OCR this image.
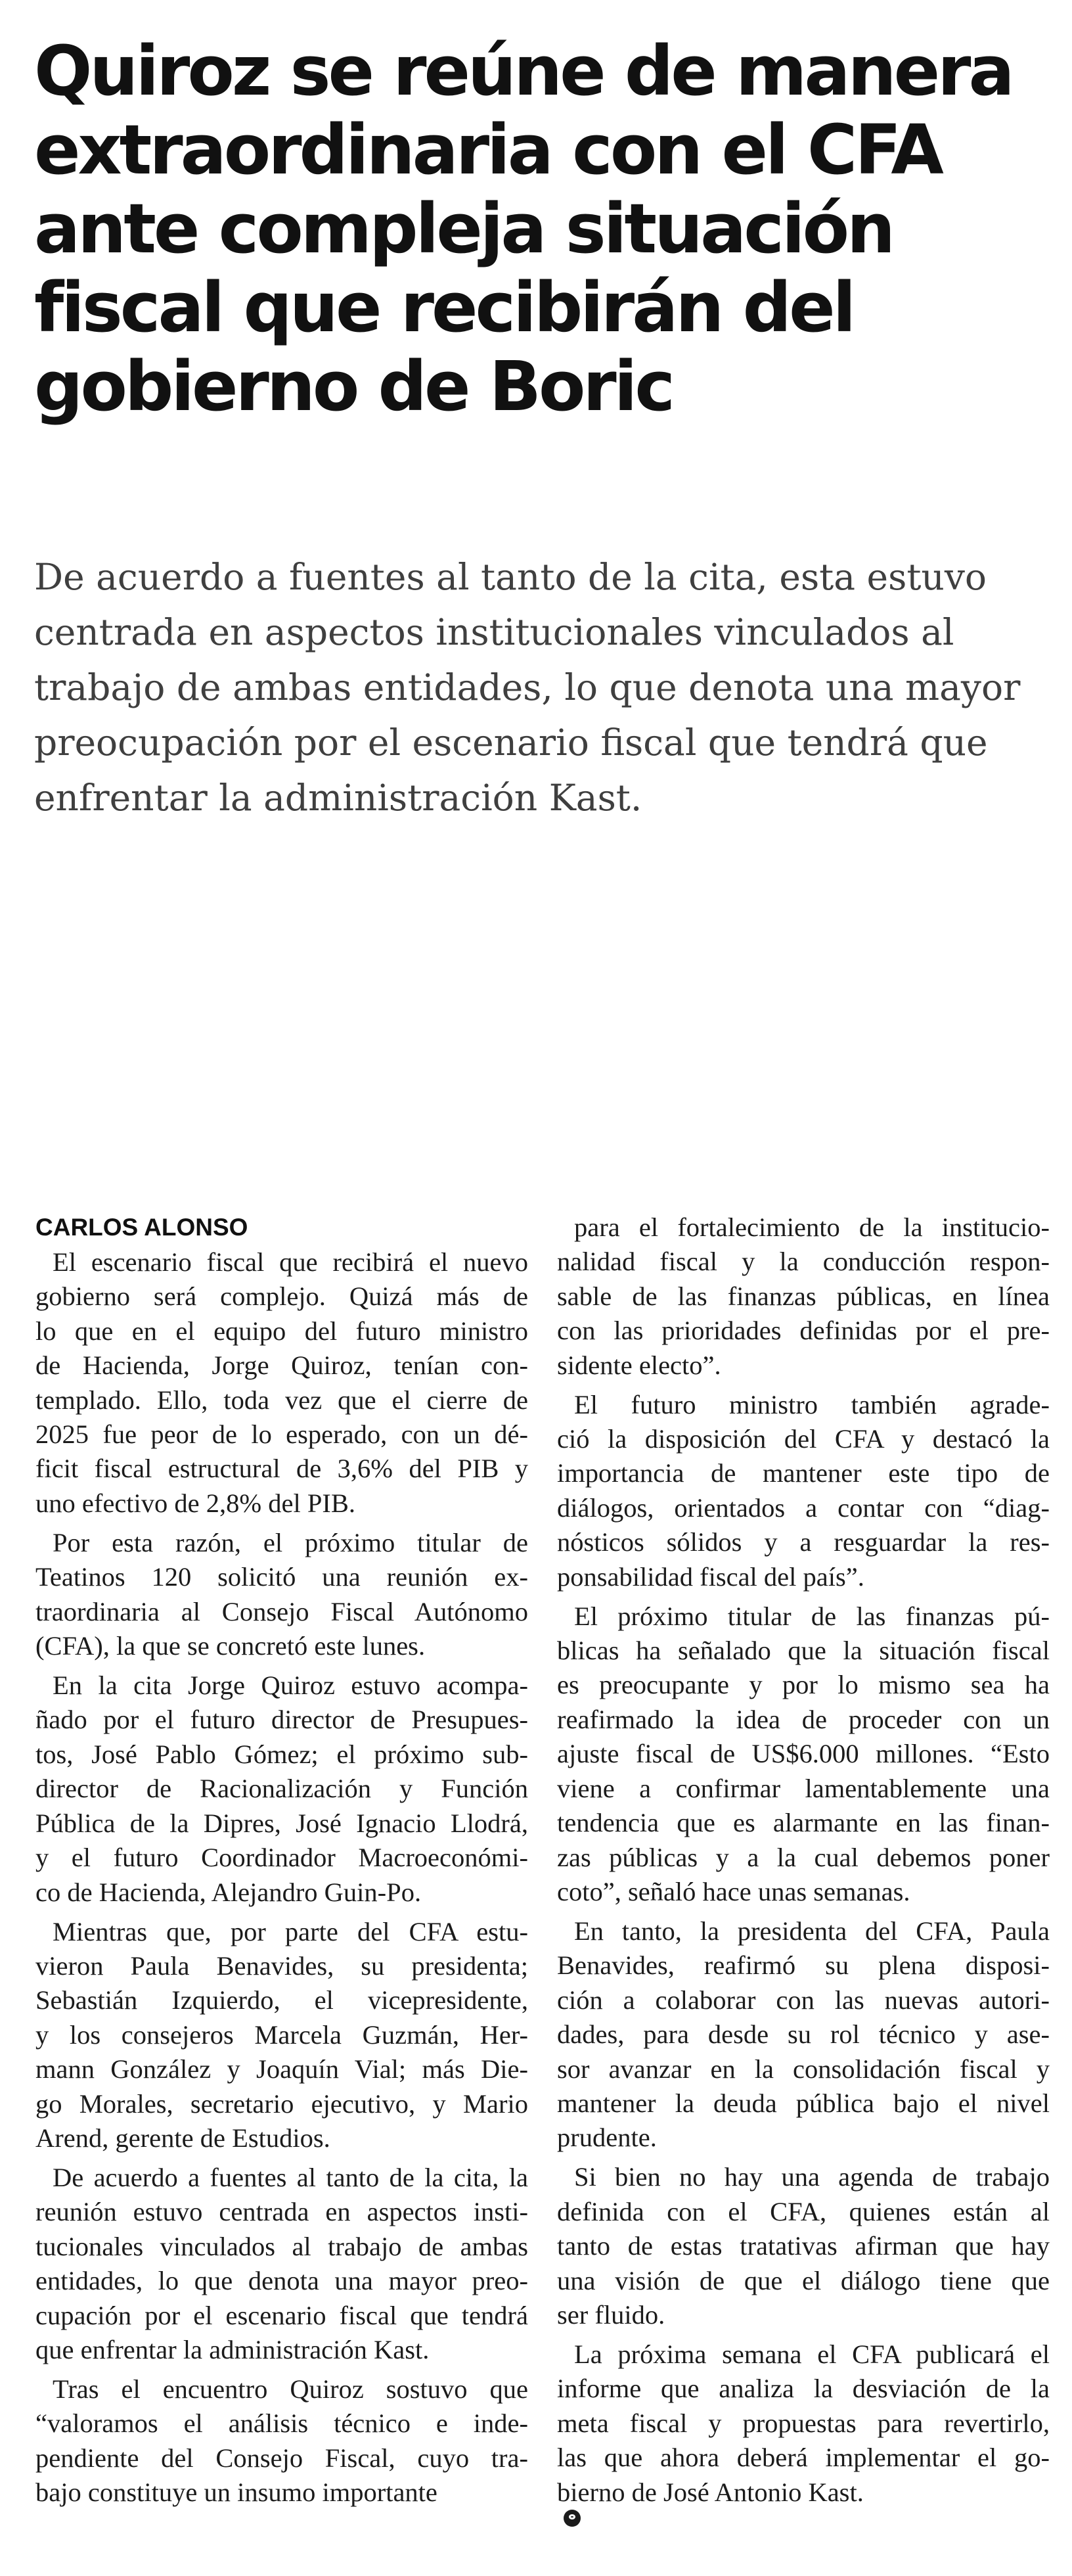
Quiroz se reúne de manera
extraordinaria con el CFA
ante compleja situación
fiscal que recibirán del
gobierno de Boric

De acuerdo a fuentes al tanto de la cita, esta estuvo
centrada en aspectos institucionales vinculados al
trabajo de ambas entidades, lo que denota una mayor
preocupación por el escenario fiscal que tendrá que
enfrentar la administración Kast.

CARLOS ALONSO

El escenario fiscal que recibirá el nuevo
gobierno será complejo. Quizá más de
lo que en el equipo del futuro ministro
de Hacienda, Jorge Quiroz, tenían con-
templado. Ello, toda vez que el cierre de
2025 fue peor de lo esperado, con un dé-
ficit fiscal estructural de 3,6% del PIB y
uno efectivo de 2,8% del PIB.

Por esta razón, el próximo titular de
Teatinos 120 solicitó una reunión ex-
traordinaria al Consejo Fiscal Autónomo
(CFA), la que se concretó este lunes.

En la cita Jorge Quiroz estuvo acompa-
ñado por el futuro director de Presupues-
tos, José Pablo Gómez; el próximo sub-
director de Racionalización y Función
Pública de la Dipres, José Ignacio Llodrá,
y el futuro Coordinador Macroeconómi-
co de Hacienda, Alejandro Guin-Po.

Mientras que, por parte del CFA estu-
vieron Paula Benavides, su presidenta;
Sebastián Izquierdo, el vicepresidente,
y los consejeros Marcela Guzmán, Her-
mann González y Joaquín Vial; más Die-
go Morales, secretario ejecutivo, y Mario
Arend, gerente de Estudios.

De acuerdo a fuentes al tanto de la cita, la
reunión estuvo centrada en aspectos insti-
tucionales vinculados al trabajo de ambas
entidades, lo que denota una mayor preo-
cupación por el escenario fiscal que tendrá
que enfrentar la administración Kast.

Tras el encuentro Quiroz sostuvo que
“valoramos el análisis técnico e inde-
pendiente del Consejo Fiscal, cuyo tra-
bajo constituye un insumo importante

para el fortalecimiento de la institucio-
nalidad fiscal y la conducción respon-
sable de las finanzas públicas, en línea
con las prioridades definidas por el pre-
sidente electo”.

El futuro ministro también agrade-
ció la disposición del CFA y destacó la
importancia de mantener este tipo de
diálogos, orientados a contar con “diag-
nósticos sólidos y a resguardar la res-
ponsabilidad fiscal del país”.

El próximo titular de las finanzas pú-
blicas ha señalado que la situación fiscal
es preocupante y por lo mismo sea ha
reafirmado la idea de proceder con un
ajuste fiscal de US$6.000 millones. “Esto
viene a confirmar lamentablemente una
tendencia que es alarmante en las finan-
zas públicas y a la cual debemos poner
coto”, señaló hace unas semanas.

En tanto, la presidenta del CFA, Paula
Benavides, reafirmó su plena disposi-
ción a colaborar con las nuevas autori-
dades, para desde su rol técnico y ase-
sor avanzar en la consolidación fiscal y
mantener la deuda pública bajo el nivel
prudente.

Si bien no hay una agenda de trabajo
definida con el CFA, quienes están al
tanto de estas tratativas afirman que hay
una visión de que el diálogo tiene que
ser fluido.

La próxima semana el CFA publicará el
informe que analiza la desviación de la
meta fiscal y propuestas para revertirlo,
las que ahora deberá implementar el go-
bierno de José Antonio Kast.
